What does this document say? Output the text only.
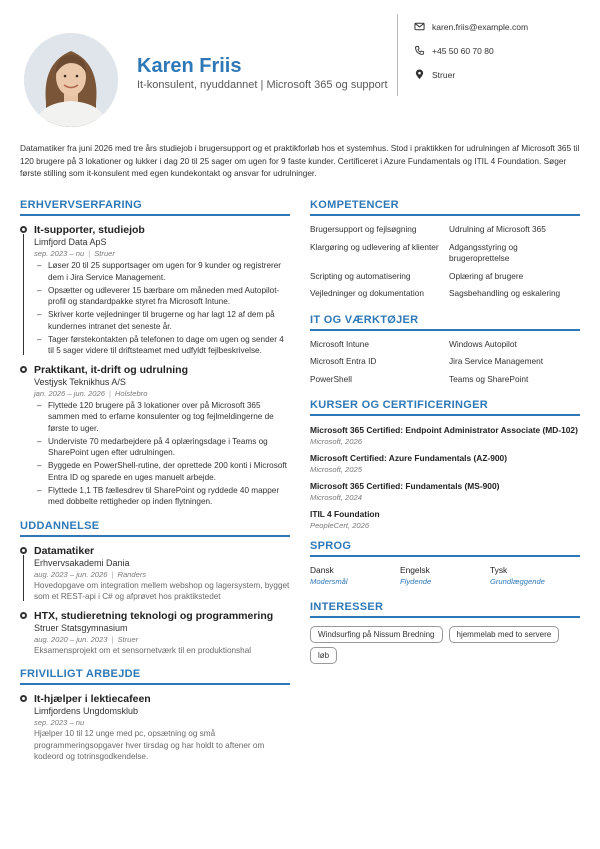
Karen Friis
It-konsulent, nyuddannet | Microsoft 365 og support
karen.friis@example.com
+45 50 60 70 80
Struer
Datamatiker fra juni 2026 med tre års studiejob i brugersupport og et praktikforløb hos et systemhus. Stod i praktikken for udrulningen af Microsoft 365 til 120 brugere på 3 lokationer og lukker i dag 20 til 25 sager om ugen for 9 faste kunder. Certificeret i Azure Fundamentals og ITIL 4 Foundation. Søger første stilling som it-konsulent med egen kundekontakt og ansvar for udrulninger.
ERHVERVSERFARING
It-supporter, studiejob
Limfjord Data ApS
sep. 2023 – nu | Struer
– Løser 20 til 25 supportsager om ugen for 9 kunder og registrerer dem i Jira Service Management.
– Opsætter og udleverer 15 bærbare om måneden med Autopilot-profil og standardpakke styret fra Microsoft Intune.
– Skriver korte vejledninger til brugerne og har lagt 12 af dem på kundernes intranet det seneste år.
– Tager førstekontakten på telefonen to dage om ugen og sender 4 til 5 sager videre til driftsteamet med udfyldt fejlbeskrivelse.
Praktikant, it-drift og udrulning
Vestjysk Teknikhus A/S
jan. 2026 – jun. 2026 | Holstebro
– Flyttede 120 brugere på 3 lokationer over på Microsoft 365 sammen med to erfarne konsulenter og tog fejlmeldingerne de første to uger.
– Underviste 70 medarbejdere på 4 oplæringsdage i Teams og SharePoint ugen efter udrulningen.
– Byggede en PowerShell-rutine, der oprettede 200 konti i Microsoft Entra ID og sparede en uges manuelt arbejde.
– Flyttede 1,1 TB fællesdrev til SharePoint og ryddede 40 mapper med dobbelte rettigheder op inden flytningen.
UDDANNELSE
Datamatiker
Erhvervsakademi Dania
aug. 2023 – jun. 2026 | Randers
Hovedopgave om integration mellem webshop og lagersystem, bygget som et REST-api i C# og afprøvet hos praktikstedet
HTX, studieretning teknologi og programmering
Struer Statsgymnasium
aug. 2020 – jun. 2023 | Struer
Eksamensprojekt om et sensornetværk til en produktionshal
FRIVILLIGT ARBEJDE
It-hjælper i lektiecafeen
Limfjordens Ungdomsklub
sep. 2023 – nu
Hjælper 10 til 12 unge med pc, opsætning og små programmeringsopgaver hver tirsdag og har holdt to aftener om kodeord og totrinsgodkendelse.
KOMPETENCER
Brugersupport og fejlsøgning	Udrulning af Microsoft 365
Klargøring og udlevering af klienter	Adgangsstyring og brugeroprettelse
Scripting og automatisering	Oplæring af brugere
Vejledninger og dokumentation	Sagsbehandling og eskalering
IT OG VÆRKTØJER
Microsoft Intune	Windows Autopilot
Microsoft Entra ID	Jira Service Management
PowerShell	Teams og SharePoint
KURSER OG CERTIFICERINGER
Microsoft 365 Certified: Endpoint Administrator Associate (MD-102)
Microsoft, 2026
Microsoft Certified: Azure Fundamentals (AZ-900)
Microsoft, 2025
Microsoft 365 Certified: Fundamentals (MS-900)
Microsoft, 2024
ITIL 4 Foundation
PeopleCert, 2026
SPROG
Dansk
Modersmål
Engelsk
Flydende
Tysk
Grundlæggende
INTERESSER
Windsurfing på Nissum Bredning	hjemmelab med to servere
løb
